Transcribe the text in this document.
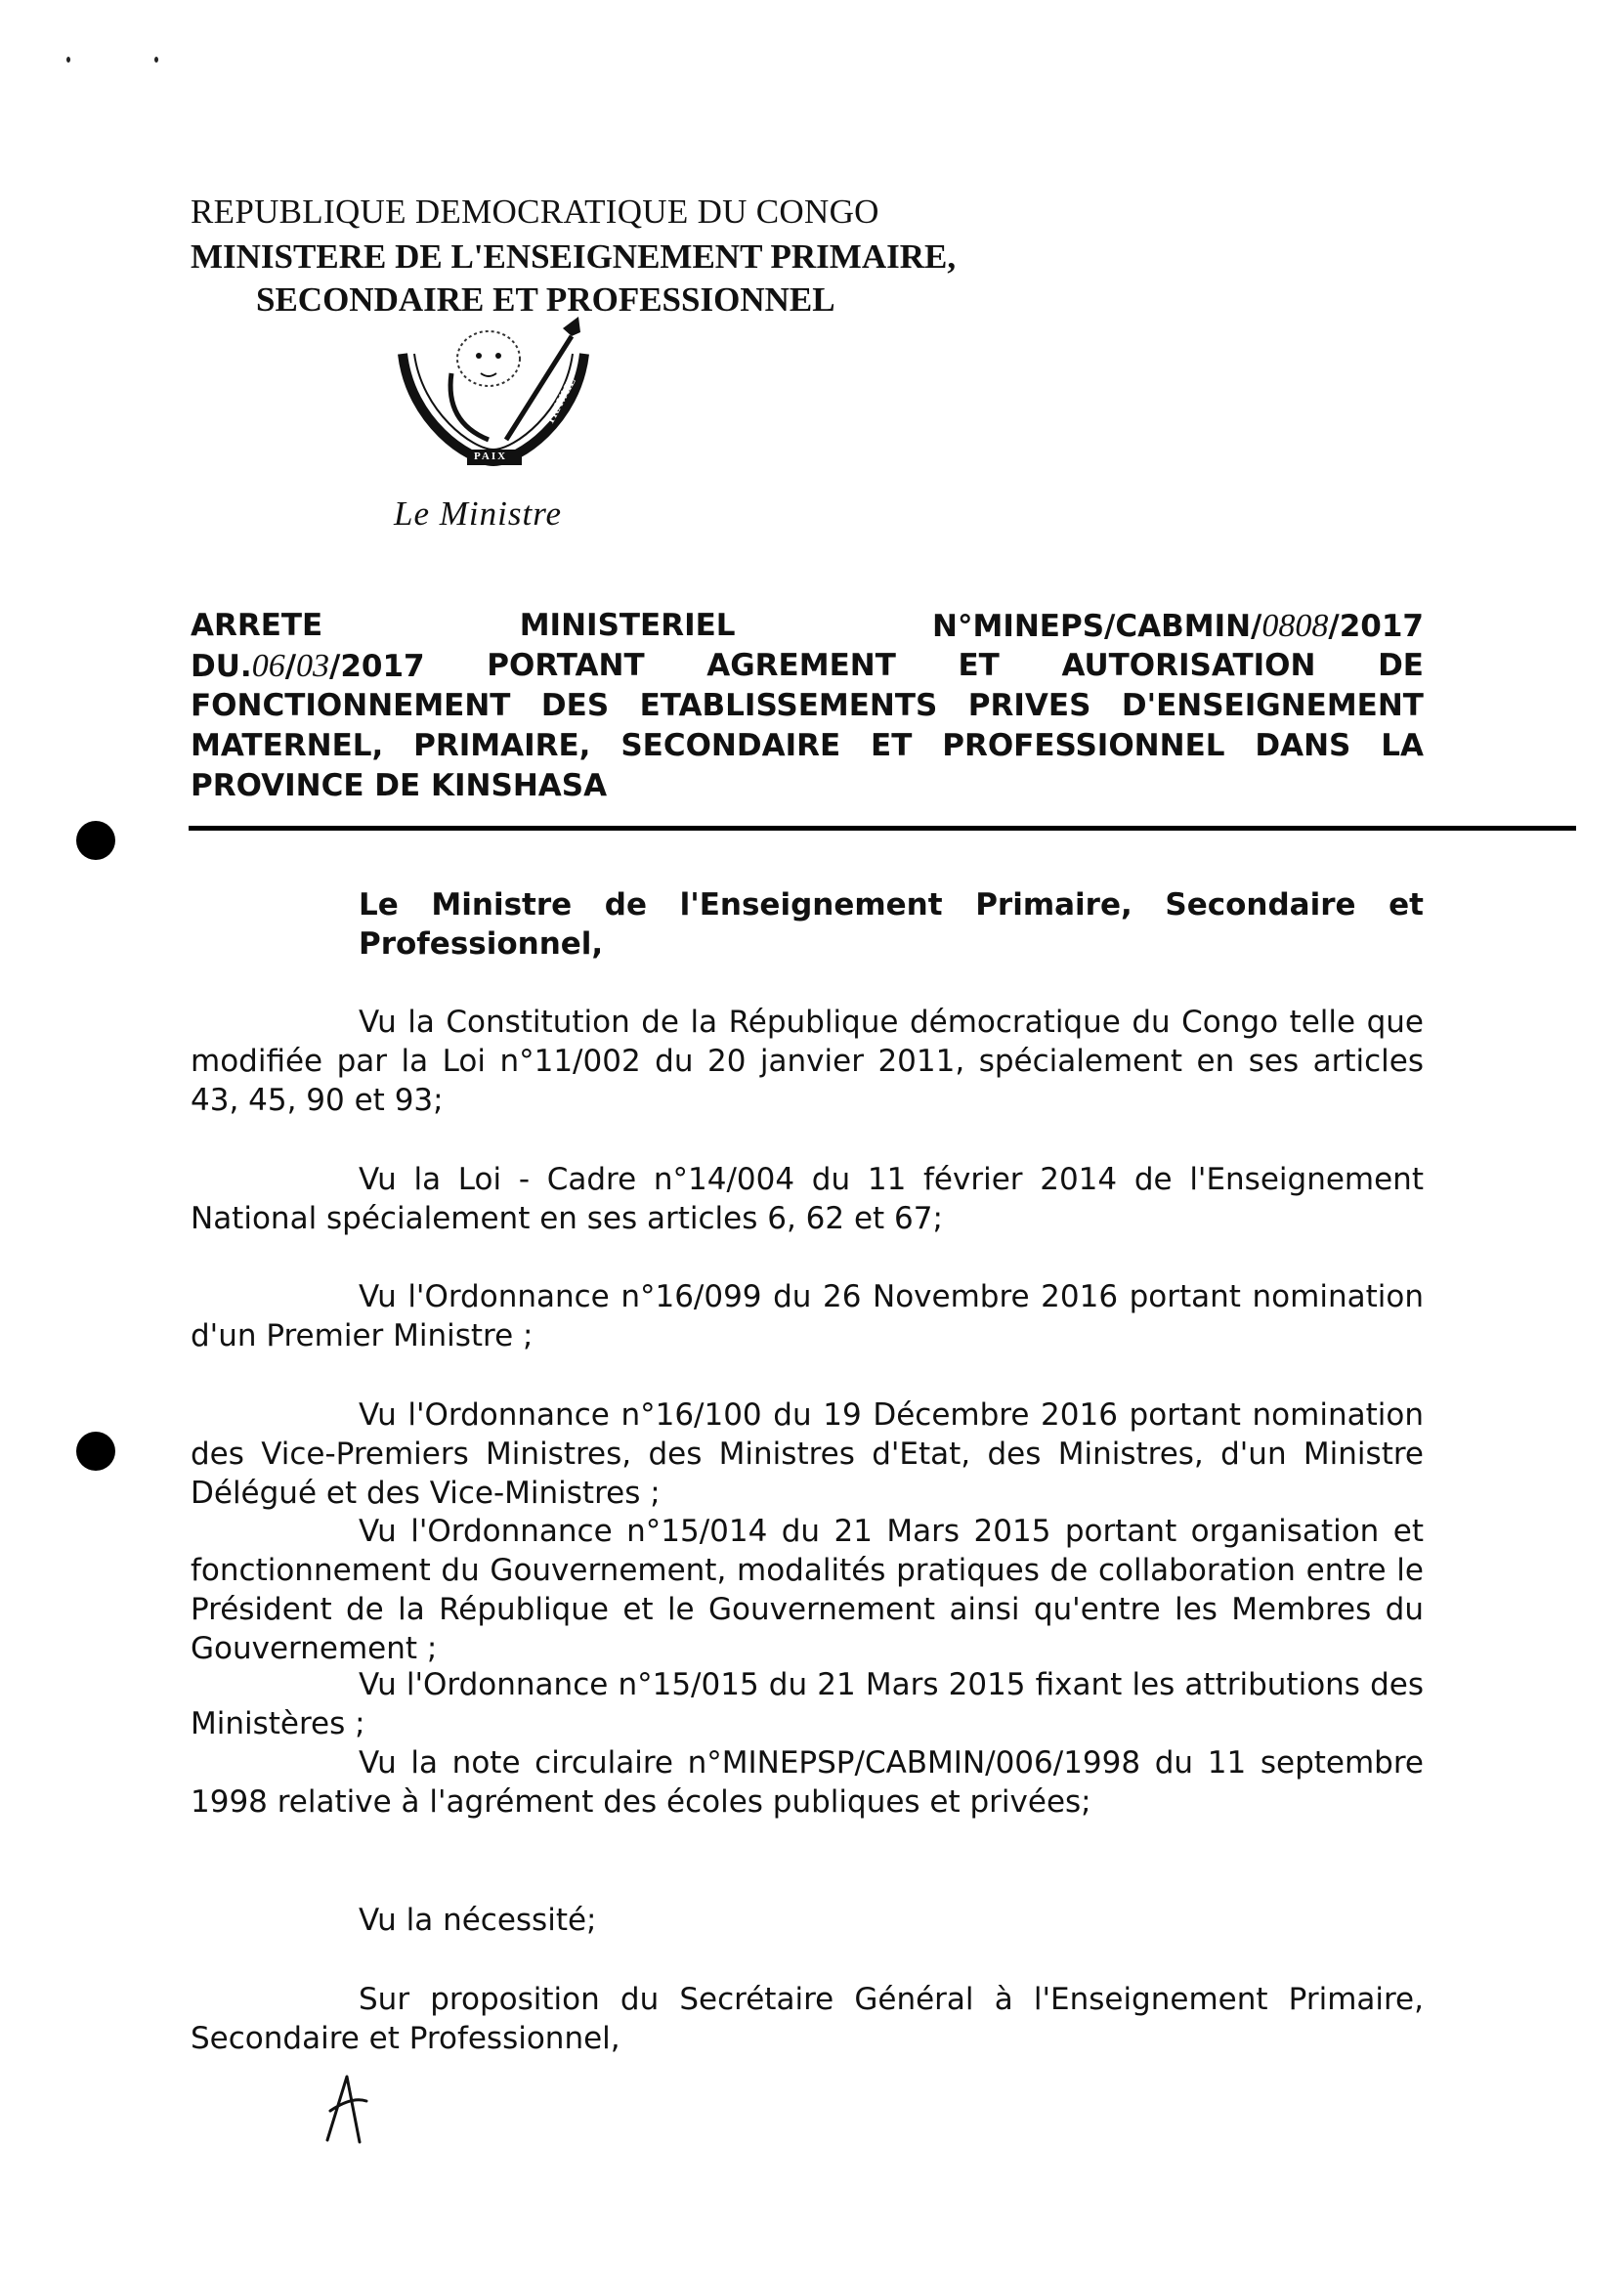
REPUBLIQUE DEMOCRATIQUE DU CONGO
MINISTERE DE L'ENSEIGNEMENT PRIMAIRE,
SECONDAIRE ET PROFESSIONNEL
JUSTICE
PAIX
TRAVAIL
Le Ministre
ARRETE	MINISTERIEL	N°MINEPS/CABMIN/0808/2017
DU.06/03/2017 PORTANT AGREMENT ET AUTORISATION DE
FONCTIONNEMENT DES ETABLISSEMENTS PRIVES D'ENSEIGNEMENT
MATERNEL, PRIMAIRE, SECONDAIRE ET PROFESSIONNEL DANS LA
PROVINCE DE KINSHASA
Le Ministre de l'Enseignement Primaire, Secondaire et Professionnel,
Vu la Constitution de la République démocratique du Congo telle que modifiée par la Loi n°11/002 du 20 janvier 2011, spécialement en ses articles 43, 45, 90 et 93;
Vu la Loi - Cadre n°14/004 du 11 février 2014 de l'Enseignement National spécialement en ses articles 6, 62 et 67;
Vu l'Ordonnance n°16/099 du 26 Novembre 2016 portant nomination d'un Premier Ministre ;
Vu l'Ordonnance n°16/100 du 19 Décembre 2016 portant nomination des Vice-Premiers Ministres, des Ministres d'Etat, des Ministres, d'un Ministre Délégué et des Vice-Ministres ;
Vu l'Ordonnance n°15/014 du 21 Mars 2015 portant organisation et fonctionnement du Gouvernement, modalités pratiques de collaboration entre le Président de la République et le Gouvernement ainsi qu'entre les Membres du Gouvernement ;
Vu l'Ordonnance n°15/015 du 21 Mars 2015 fixant les attributions des Ministères ;
Vu la note circulaire n°MINEPSP/CABMIN/006/1998 du 11 septembre 1998 relative à l'agrément des écoles publiques et privées;
Vu la nécessité;
Sur proposition du Secrétaire Général à l'Enseignement Primaire, Secondaire et Professionnel,
